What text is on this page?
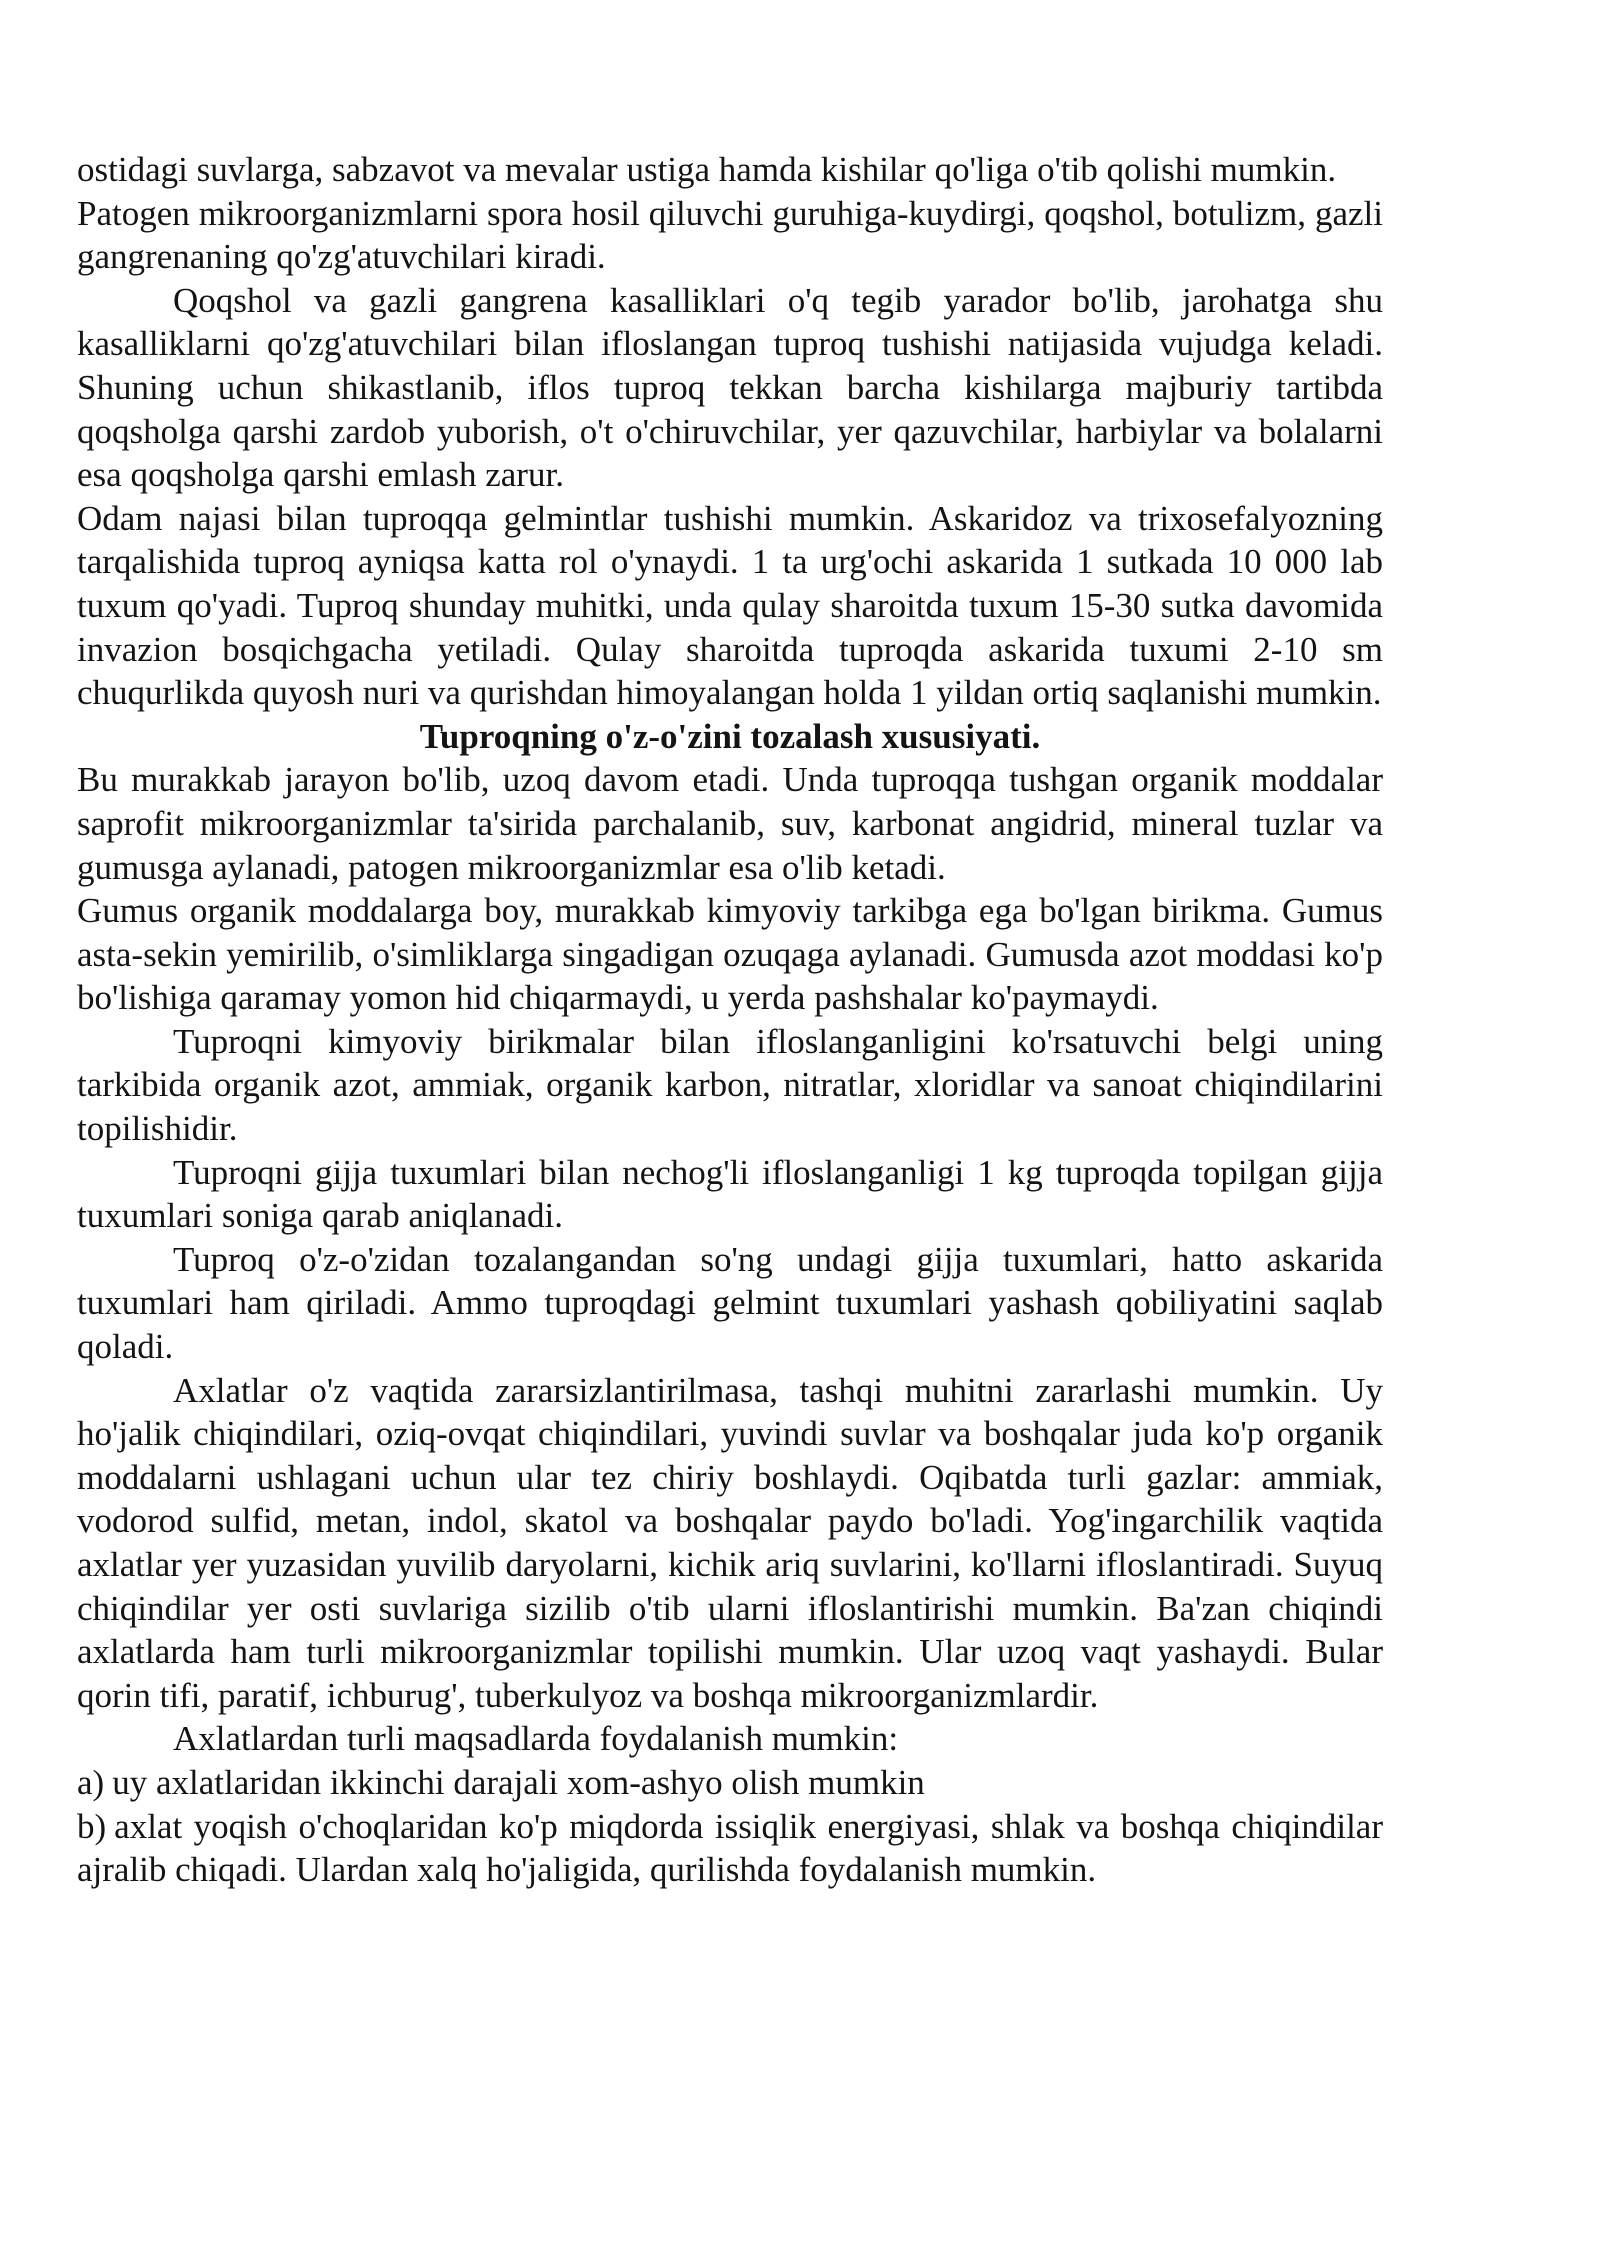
ostidagi suvlarga, sabzavot va mevalar ustiga hamda kishilar qo'liga o'tib qolishi mumkin.

Patogen mikroorganizmlarni spora hosil qiluvchi guruhiga-kuydirgi, qoqshol, botulizm, gazli gangrenaning qo'zg'atuvchilari kiradi.

Qoqshol va gazli gangrena kasalliklari o'q tegib yarador bo'lib, jarohatga shu kasalliklarni qo'zg'atuvchilari bilan ifloslangan tuproq tushishi natijasida vujudga keladi. Shuning uchun shikastlanib, iflos tuproq tekkan barcha kishilarga majburiy tartibda qoqsholga qarshi zardob yuborish, o't o'chiruvchilar, yer qazuvchilar, harbiylar va bolalarni esa qoqsholga qarshi emlash zarur.

Odam najasi bilan tuproqqa gelmintlar tushishi mumkin. Askaridoz va trixosefalyozning tarqalishida tuproq ayniqsa katta rol o'ynaydi. 1 ta urg'ochi askarida 1 sutkada 10 000 lab tuxum qo'yadi. Tuproq shunday muhitki, unda qulay sharoitda tuxum 15-30 sutka davomida invazion bosqichgacha yetiladi. Qulay sharoitda tuproqda askarida tuxumi 2-10 sm chuqurlikda quyosh nuri va qurishdan himoyalangan holda 1 yildan ortiq saqlanishi mumkin.

Tuproqning o'z-o'zini tozalash xususiyati.

Bu murakkab jarayon bo'lib, uzoq davom etadi. Unda tuproqqa tushgan organik moddalar saprofit mikroorganizmlar ta'sirida parchalanib, suv, karbonat angidrid, mineral tuzlar va gumusga aylanadi, patogen mikroorganizmlar esa o'lib ketadi.

Gumus organik moddalarga boy, murakkab kimyoviy tarkibga ega bo'lgan birikma. Gumus asta-sekin yemirilib, o'simliklarga singadigan ozuqaga aylanadi. Gumusda azot moddasi ko'p bo'lishiga qaramay yomon hid chiqarmaydi, u yerda pashshalar ko'paymaydi.

Tuproqni kimyoviy birikmalar bilan ifloslanganligini ko'rsatuvchi belgi uning tarkibida organik azot, ammiak, organik karbon, nitratlar, xloridlar va sanoat chiqindilarini topilishidir.

Tuproqni gijja tuxumlari bilan nechog'li ifloslanganligi 1 kg tuproqda topilgan gijja tuxumlari soniga qarab aniqlanadi.

Tuproq o'z-o'zidan tozalangandan so'ng undagi gijja tuxumlari, hatto askarida tuxumlari ham qiriladi. Ammo tuproqdagi gelmint tuxumlari yashash qobiliyatini saqlab qoladi.

Axlatlar o'z vaqtida zararsizlantirilmasa, tashqi muhitni zararlashi mumkin. Uy ho'jalik chiqindilari, oziq-ovqat chiqindilari, yuvindi suvlar va boshqalar juda ko'p organik moddalarni ushlagani uchun ular tez chiriy boshlaydi. Oqibatda turli gazlar: ammiak, vodorod sulfid, metan, indol, skatol va boshqalar paydo bo'ladi. Yog'ingarchilik vaqtida axlatlar yer yuzasidan yuvilib daryolarni, kichik ariq suvlarini, ko'llarni ifloslantiradi. Suyuq chiqindilar yer osti suvlariga sizilib o'tib ularni ifloslantirishi mumkin. Ba'zan chiqindi axlatlarda ham turli mikroorganizmlar topilishi mumkin. Ular uzoq vaqt yashaydi. Bular qorin tifi, paratif, ichburug', tuberkulyoz va boshqa mikroorganizmlardir.

Axlatlardan turli maqsadlarda foydalanish mumkin:

a) uy axlatlaridan ikkinchi darajali xom-ashyo olish mumkin

b) axlat yoqish o'choqlaridan ko'p miqdorda issiqlik energiyasi, shlak va boshqa chiqindilar ajralib chiqadi. Ulardan xalq ho'jaligida, qurilishda foydalanish mumkin.
